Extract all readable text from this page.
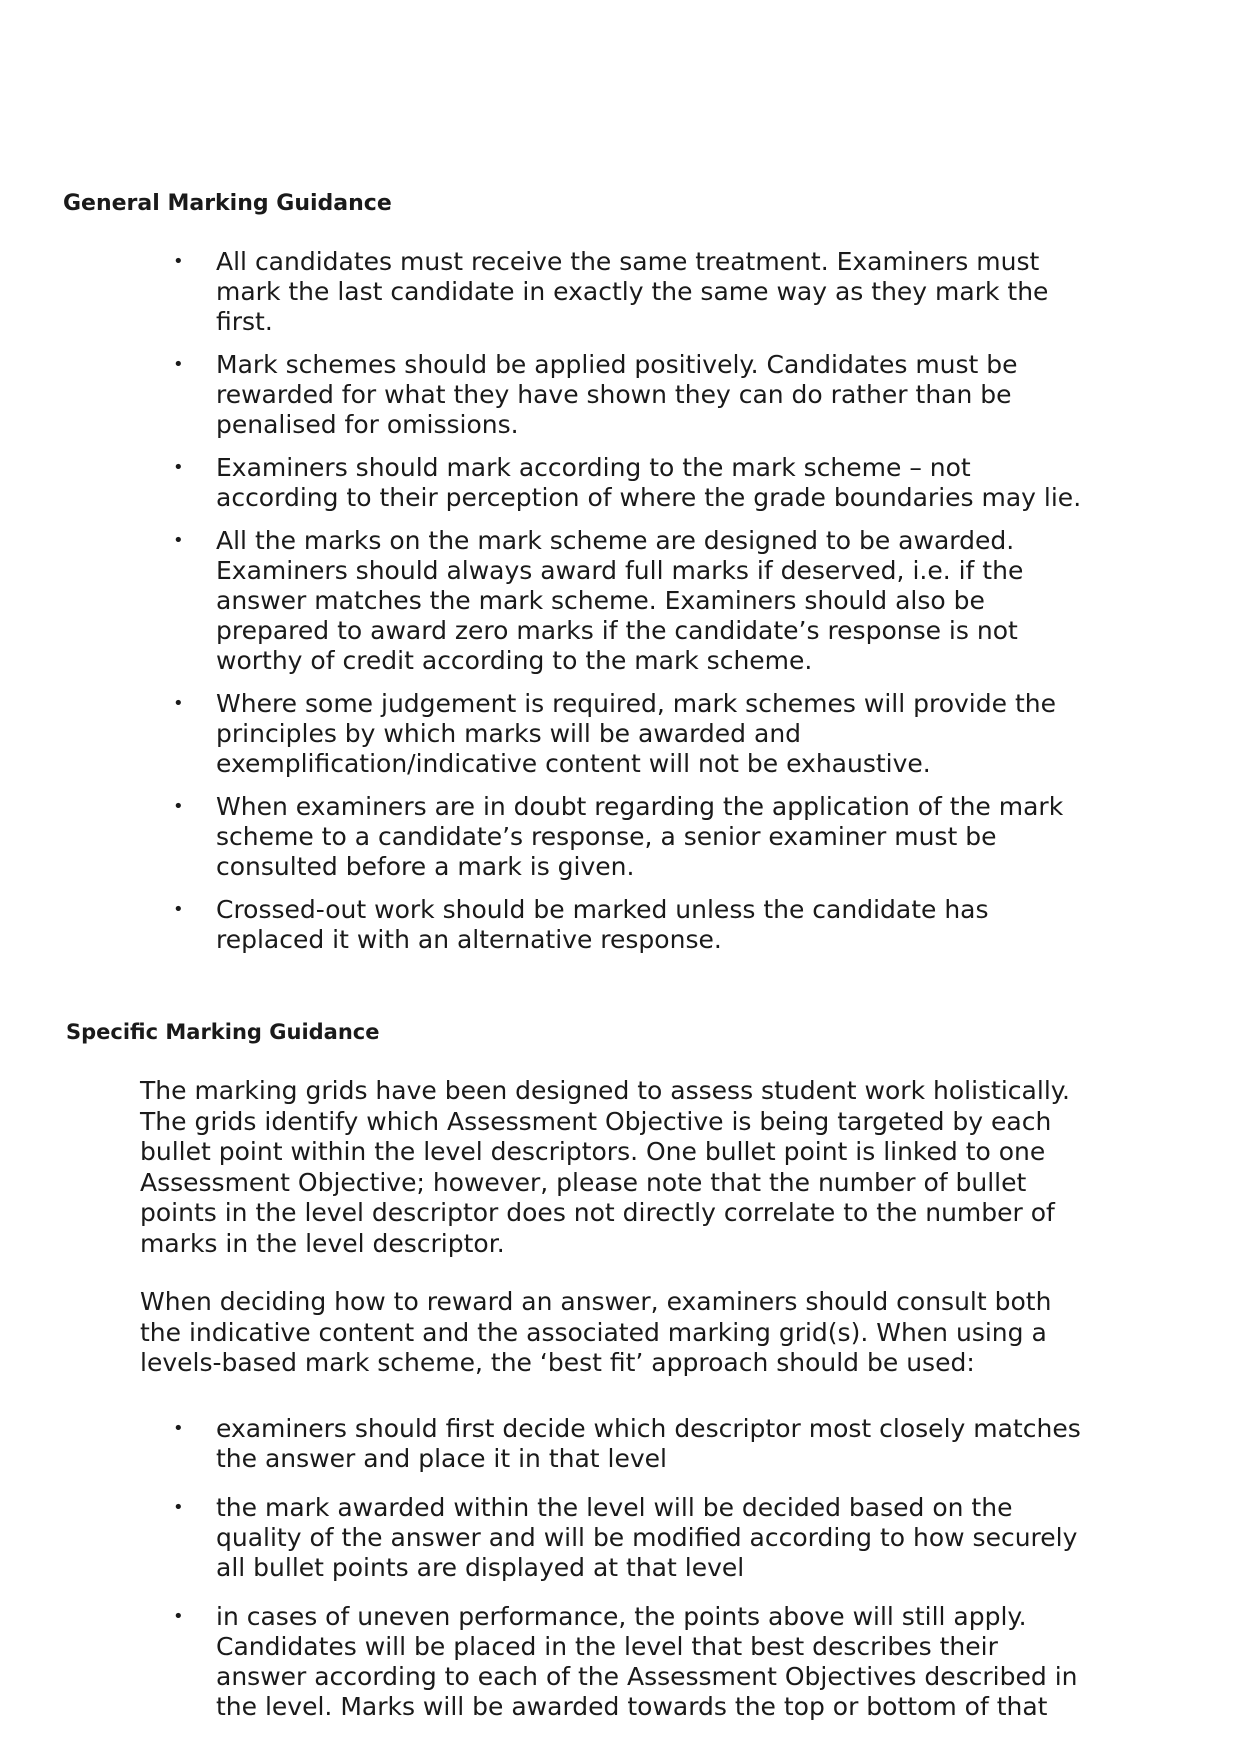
General Marking Guidance
• All candidates must receive the same treatment. Examiners must mark the last candidate in exactly the same way as they mark the first.
• Mark schemes should be applied positively. Candidates must be rewarded for what they have shown they can do rather than be penalised for omissions.
• Examiners should mark according to the mark scheme – not according to their perception of where the grade boundaries may lie.
• All the marks on the mark scheme are designed to be awarded. Examiners should always award full marks if deserved, i.e. if the answer matches the mark scheme. Examiners should also be prepared to award zero marks if the candidate’s response is not worthy of credit according to the mark scheme.
• Where some judgement is required, mark schemes will provide the principles by which marks will be awarded and exemplification/indicative content will not be exhaustive.
• When examiners are in doubt regarding the application of the mark scheme to a candidate’s response, a senior examiner must be consulted before a mark is given.
• Crossed-out work should be marked unless the candidate has replaced it with an alternative response.
Specific Marking Guidance

The marking grids have been designed to assess student work holistically. The grids identify which Assessment Objective is being targeted by each bullet point within the level descriptors. One bullet point is linked to one Assessment Objective; however, please note that the number of bullet points in the level descriptor does not directly correlate to the number of marks in the level descriptor.

When deciding how to reward an answer, examiners should consult both the indicative content and the associated marking grid(s). When using a levels-based mark scheme, the ‘best fit’ approach should be used:

• examiners should first decide which descriptor most closely matches the answer and place it in that level
• the mark awarded within the level will be decided based on the quality of the answer and will be modified according to how securely all bullet points are displayed at that level
• in cases of uneven performance, the points above will still apply. Candidates will be placed in the level that best describes their answer according to each of the Assessment Objectives described in the level. Marks will be awarded towards the top or bottom of that
